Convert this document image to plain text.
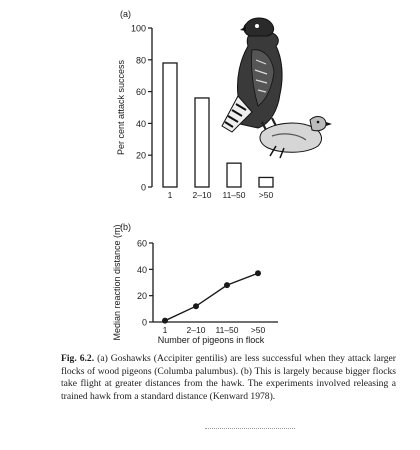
(a)
0
20
40
60
80
100
Per cent attack success
1 2–10 11–50 >50
(b)
0
20
40
60
Median reaction distance (m)	1 2–10 11–50 >50
Number of pigeons in flock
Fig. 6.2. (a) Goshawks (Accipiter gentilis) are less successful when they attack larger flocks of wood pigeons (Columba palumbus). (b) This is largely because bigger flocks take flight at greater distances from the hawk. The experiments involved releasing a trained hawk from a standard distance (Kenward 1978).
